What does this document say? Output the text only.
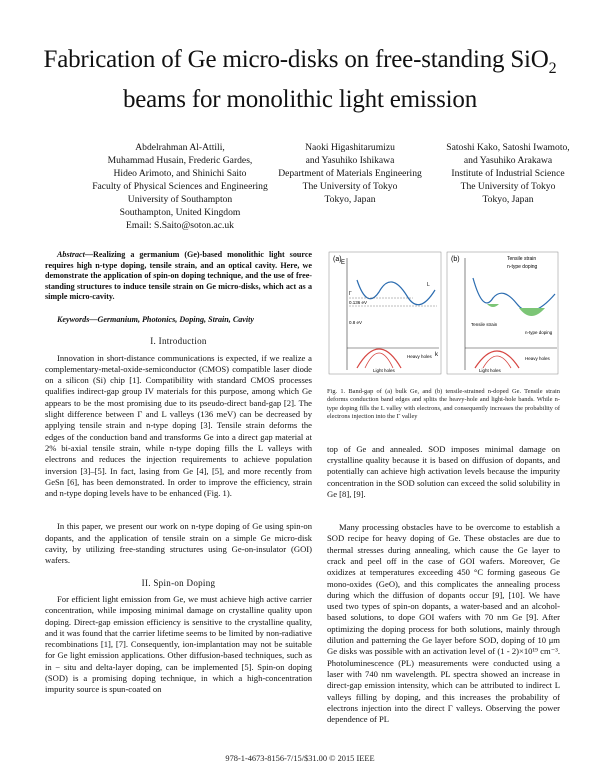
Fabrication of Ge micro-disks on free-standing SiO$_2$
beams for monolithic light emission
Abdelrahman Al-Attili,
Muhammad Husain, Frederic Gardes,
Hideo Arimoto, and Shinichi Saito
Faculty of Physical Sciences and Engineering
University of Southampton
Southampton, United Kingdom
Email: S.Saito@soton.ac.uk
Naoki Higashitarumizu
and Yasuhiko Ishikawa
Department of Materials Engineering
The University of Tokyo
Tokyo, Japan
Satoshi Kako, Satoshi Iwamoto,
and Yasuhiko Arakawa
Institute of Industrial Science
The University of Tokyo
Tokyo, Japan

Abstract—Realizing a germanium (Ge)-based monolithic light source requires high n-type doping, tensile strain, and an optical cavity. Here, we demonstrate the application of spin-on doping technique, and the use of free-standing structures to induce tensile strain on Ge micro-disks, which act as a simple micro-cavity.

Keywords—Germanium, Photonics, Doping, Strain, Cavity

I. Introduction

Innovation in short-distance communications is expected, if we realize a complementary-metal-oxide-semiconductor (CMOS) compatible laser diode on a silicon (Si) chip [1]. Compatibility with standard CMOS processes qualifies indirect-gap group IV materials for this purpose, among which Ge appears to be the most promising due to its pseudo-direct band-gap [2]. The slight difference between Γ and L valleys (136 meV) can be decreased by applying tensile strain and n-type doping [3]. Tensile strain deforms the edges of the conduction band and transforms Ge into a direct gap material at 2% bi-axial tensile strain, while n-type doping fills the L valleys with electrons and reduces the injection requirements to achieve population inversion [3]–[5]. In fact, lasing from Ge [4], [5], and more recently from GeSn [6], has been demonstrated. In order to improve the efficiency, strain and n-type doping levels have to be enhanced (Fig. 1).

In this paper, we present our work on n-type doping of Ge using spin-on dopants, and the application of tensile strain on a simple Ge micro-disk cavity, by utilizing free-standing structures using Ge-on-insulator (GOI) wafers.

II. Spin-on Doping

For efficient light emission from Ge, we must achieve high active carrier concentration, while imposing minimal damage on crystalline quality upon doping. Direct-gap emission efficiency is sensitive to the crystalline quality, and it was found that the carrier lifetime seems to be limited by non-radiative recombinations [1], [7]. Consequently, ion-implantation may not be suitable for Ge light emission applications. Other diffusion-based techniques, such as in − situ and delta-layer doping, can be implemented [5]. Spin-on doping (SOD) is a promising doping technique, in which a high-concentration impurity source is spun-coated on

(a) E
k
Γ
L
0.136 eV
0.8 eV
Heavy holes
Light holes
(b)	Tensile strain
n-type doping
Tensile strain
n-type doping
Heavy holes
Light holes

Fig. 1. Band-gap of (a) bulk Ge, and (b) tensile-strained n-doped Ge. Tensile strain deforms conduction band edges and splits the heavy-hole and light-hole bands. While n-type doping fills the L valley with electrons, and consequently increases the probability of electrons injection into the Γ valley

top of Ge and annealed. SOD imposes minimal damage on crystalline quality because it is based on diffusion of dopants, and potentially can achieve high activation levels because the impurity concentration in the SOD solution can exceed the solid solubility in Ge [8], [9].

Many processing obstacles have to be overcome to establish a SOD recipe for heavy doping of Ge. These obstacles are due to thermal stresses during annealing, which cause the Ge layer to crack and peel off in the case of GOI wafers. Moreover, Ge oxidizes at temperatures exceeding 450 °C forming gaseous Ge mono-oxides (GeO), and this complicates the annealing process during which the diffusion of dopants occur [9], [10]. We have used two types of spin-on dopants, a water-based and an alcohol-based solutions, to dope GOI wafers with 70 nm Ge [9]. After optimizing the doping process for both solutions, mainly through dilution and patterning the Ge layer before SOD, doping of 10 μm Ge disks was possible with an activation level of (1 - 2)×10¹⁹ cm⁻³. Photoluminescence (PL) measurements were conducted using a laser with 740 nm wavelength. PL spectra showed an increase in direct-gap emission intensity, which can be attributed to indirect L valleys filling by doping, and this increases the probability of electrons injection into the direct Γ valleys. Observing the power dependence of PL

978-1-4673-8156-7/15/$31.00 © 2015 IEEE
